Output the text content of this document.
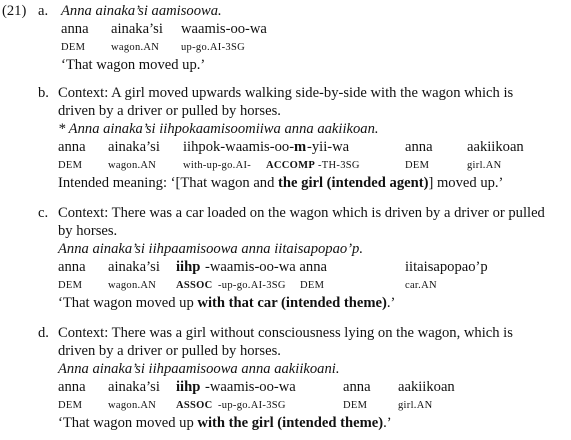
(21) a. Anna ainaka’si aamisoowa.
anna ainaka’si waamis-oo-wa
DEM wagon.AN up-go.AI-3SG
‘That wagon moved up.’
b. Context: A girl moved upwards walking side-by-side with the wagon which is
driven by a driver or pulled by horses.
* Anna ainaka’si iihpokaamisoomiiwa anna aakiikoan.
anna ainaka’si iihpok-waamis-oo- m -yii-wa	anna aakiikoan
DEM wagon.AN	with-up-go.AI- ACCOMP -TH-3SG	DEM	girl.AN
Intended meaning: ‘[That wagon and the girl (intended agent)] moved up.’
c. Context: There was a car loaded on the wagon which is driven by a driver or pulled
by horses.
Anna ainaka’si iihpaamisoowa anna iitaisapopao’p.
anna ainaka’si iihp -waamis-oo-wa anna	iitaisapopao’p
DEM wagon.AN ASSOC -up-go.AI-3SG DEM	car.AN
‘That wagon moved up with that car (intended theme).’
d. Context: There was a girl without consciousness lying on the wagon, which is
driven by a driver or pulled by horses.
Anna ainaka’si iihpaamisoowa anna aakiikoani.
anna ainaka’si iihp -waamis-oo-wa	anna aakiikoan
DEM wagon.AN ASSOC -up-go.AI-3SG	DEM	girl.AN
‘That wagon moved up with the girl (intended theme).’
